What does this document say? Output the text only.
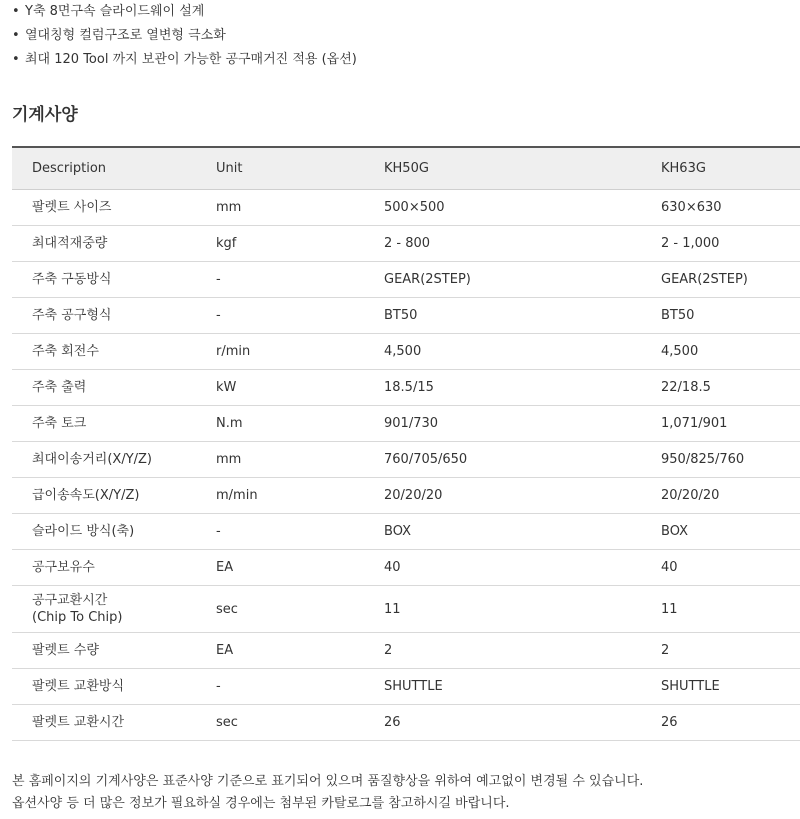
• Y축 8면구속 슬라이드웨이 설계
• 열대칭형 컬럼구조로 열변형 극소화
• 최대 120 Tool 까지 보관이 가능한 공구매거진 적용 (옵션)
기계사양
Description	Unit	KH50G	KH63G
팔렛트 사이즈	mm	500×500	630×630
최대적재중량	kgf	2 - 800	2 - 1,000
주축 구동방식	-	GEAR(2STEP)	GEAR(2STEP)
주축 공구형식	-	BT50	BT50
주축 회전수	r/min	4,500	4,500
주축 출력	kW	18.5/15	22/18.5
주축 토크	N.m	901/730	1,071/901
최대이송거리(X/Y/Z)	mm	760/705/650	950/825/760
급이송속도(X/Y/Z)	m/min	20/20/20	20/20/20
슬라이드 방식(축)	-	BOX	BOX
공구보유수	EA	40	40
공구교환시간
(Chip To Chip)	sec	11	11
팔렛트 수량	EA	2	2
팔렛트 교환방식	-	SHUTTLE	SHUTTLE
팔렛트 교환시간	sec	26	26

본 홈페이지의 기계사양은 표준사양 기준으로 표기되어 있으며 품질향상을 위하여 예고없이 변경될 수 있습니다.

옵션사양 등 더 많은 정보가 필요하실 경우에는 첨부된 카탈로그를 참고하시길 바랍니다.
